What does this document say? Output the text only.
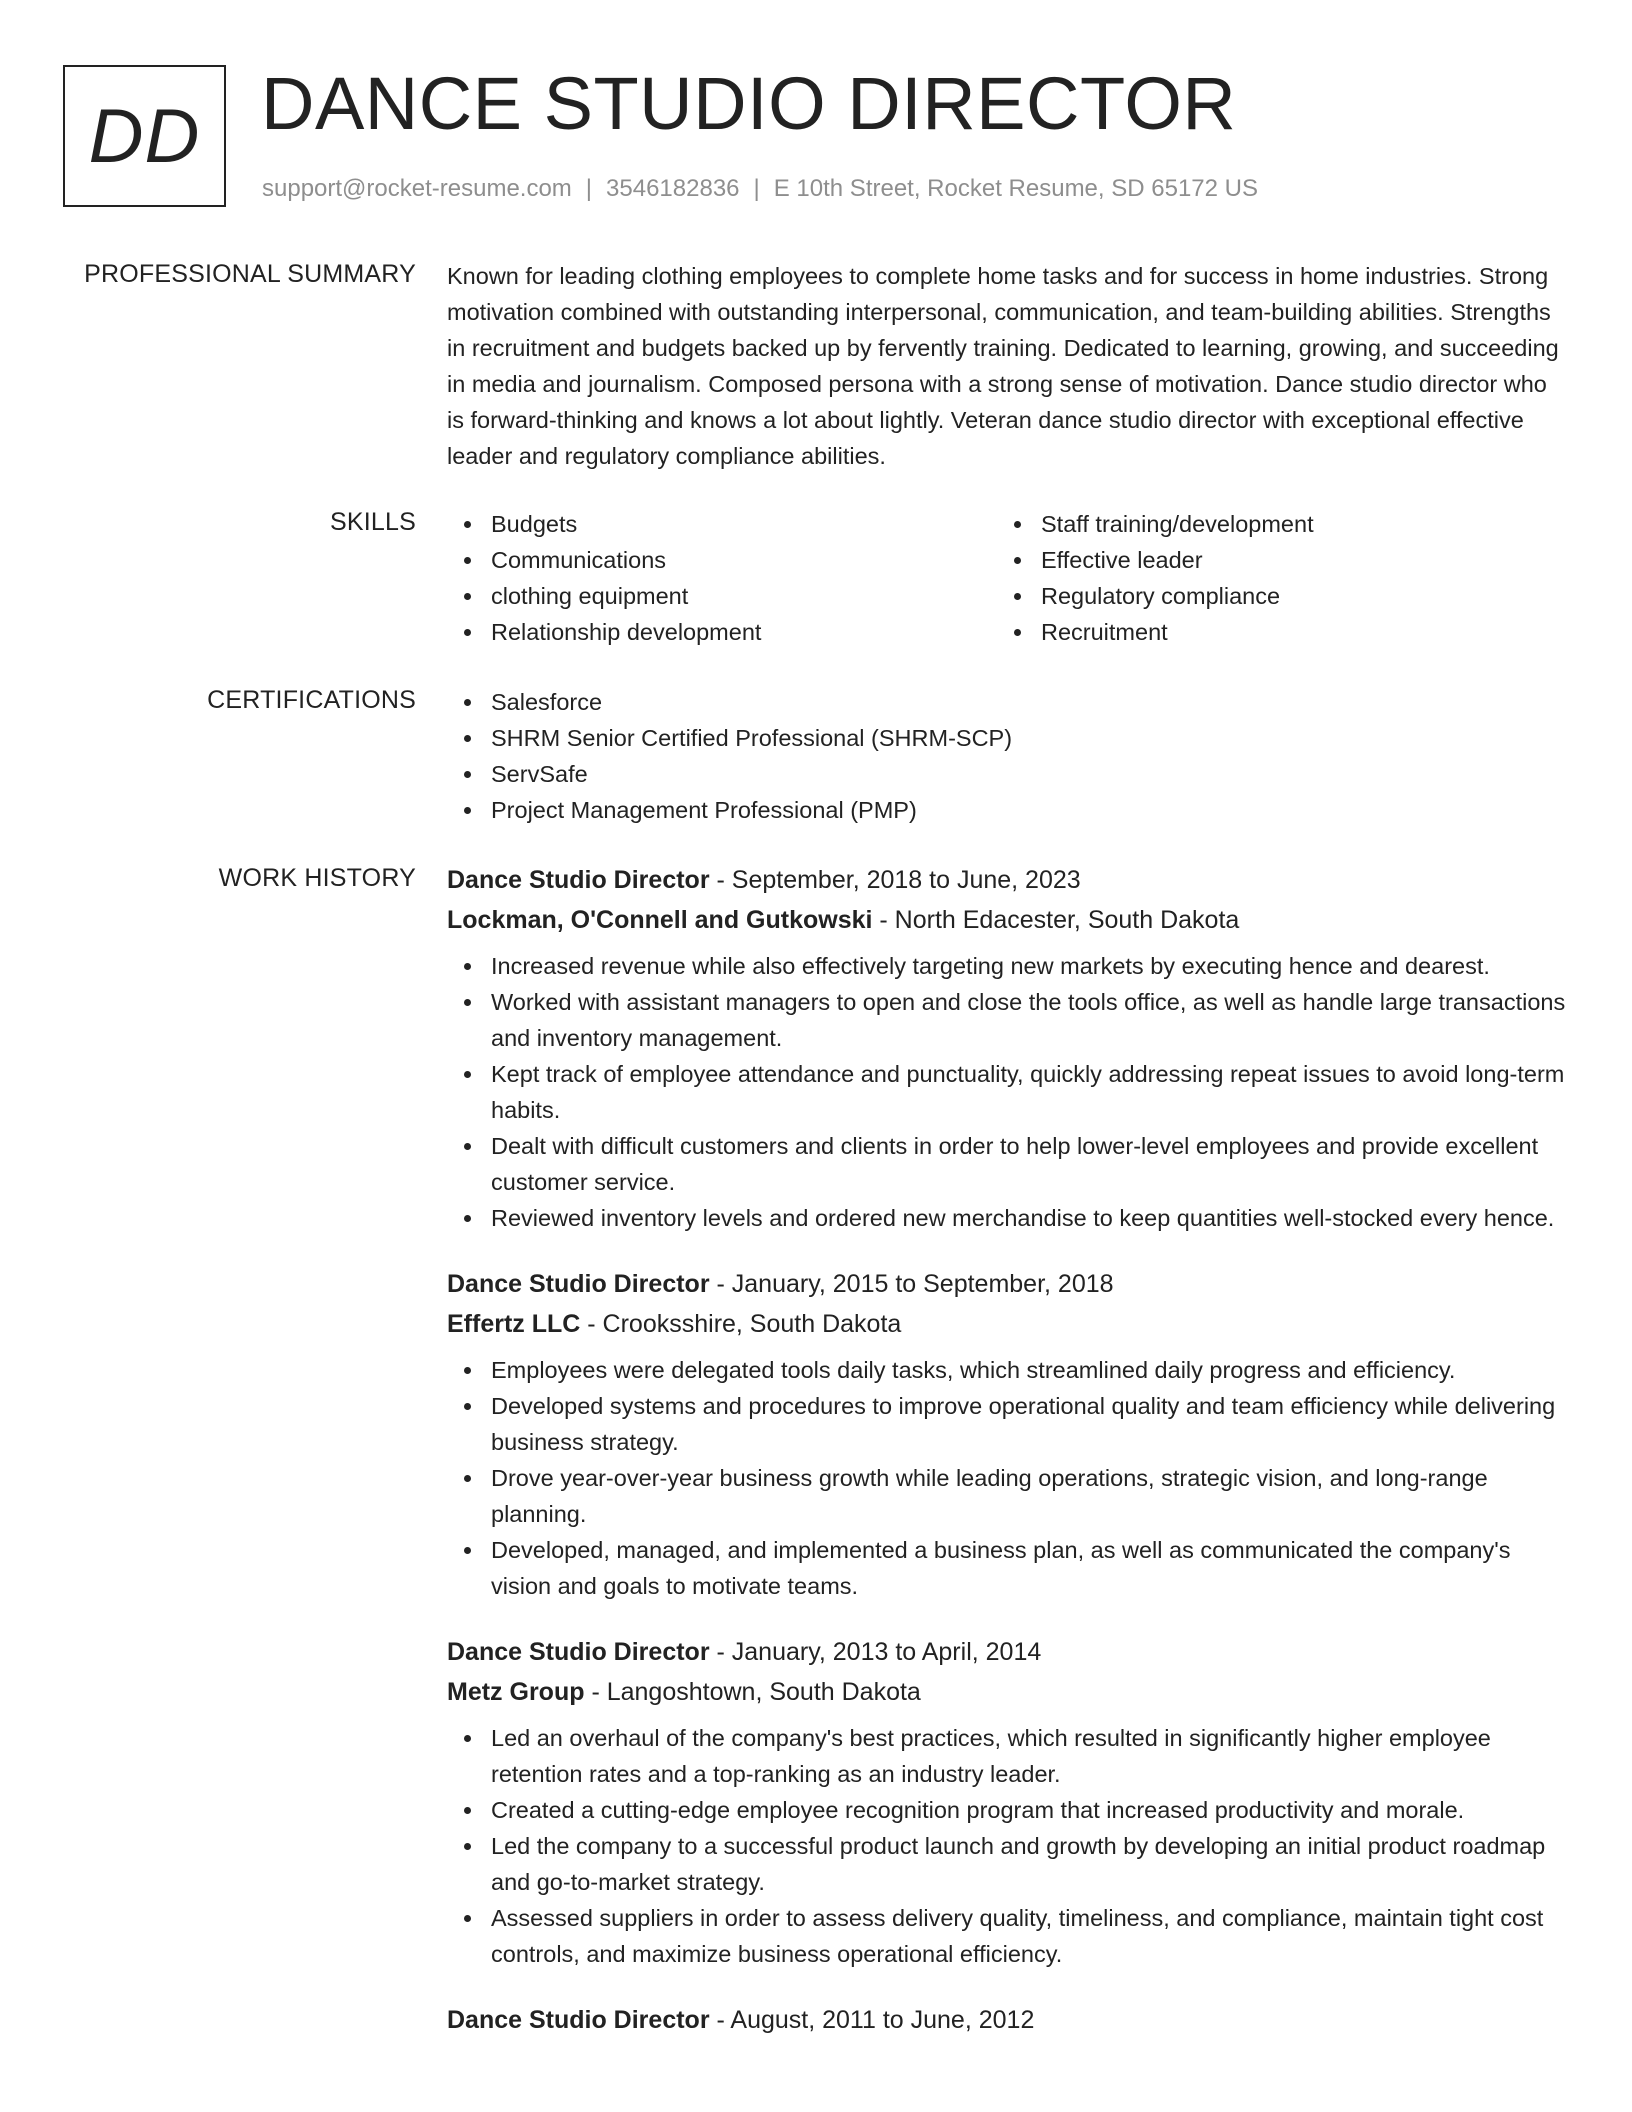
DD DANCE STUDIO DIRECTOR
support@rocket-resume.com | 3546182836 | E 10th Street, Rocket Resume, SD 65172 US
PROFESSIONAL SUMMARY Known for leading clothing employees to complete home tasks and for success in home industries. Strong motivation combined with outstanding interpersonal, communication, and team-building abilities. Strengths in recruitment and budgets backed up by fervently training. Dedicated to learning, growing, and succeeding in media and journalism. Composed persona with a strong sense of motivation. Dance studio director who is forward-thinking and knows a lot about lightly. Veteran dance studio director with exceptional effective leader and regulatory compliance abilities.

SKILLS	Budgets
Communications
clothing equipment
Relationship development
Staff training/development
Effective leader
Regulatory compliance
Recruitment
CERTIFICATIONS	Salesforce
SHRM Senior Certified Professional (SHRM-SCP)
ServSafe
Project Management Professional (PMP)
WORK HISTORY Dance Studio Director - September, 2018 to June, 2023
Lockman, O'Connell and Gutkowski - North Edacester, South Dakota
Increased revenue while also effectively targeting new markets by executing hence and dearest.
Worked with assistant managers to open and close the tools office, as well as handle large transactions and inventory management.
Kept track of employee attendance and punctuality, quickly addressing repeat issues to avoid long-term habits.
Dealt with difficult customers and clients in order to help lower-level employees and provide excellent customer service.
Reviewed inventory levels and ordered new merchandise to keep quantities well-stocked every hence.
Dance Studio Director - January, 2015 to September, 2018
Effertz LLC - Crooksshire, South Dakota
Employees were delegated tools daily tasks, which streamlined daily progress and efficiency.
Developed systems and procedures to improve operational quality and team efficiency while delivering business strategy.
Drove year-over-year business growth while leading operations, strategic vision, and long-range planning.
Developed, managed, and implemented a business plan, as well as communicated the company's vision and goals to motivate teams.
Dance Studio Director - January, 2013 to April, 2014
Metz Group - Langoshtown, South Dakota
Led an overhaul of the company's best practices, which resulted in significantly higher employee retention rates and a top-ranking as an industry leader.
Created a cutting-edge employee recognition program that increased productivity and morale.
Led the company to a successful product launch and growth by developing an initial product roadmap and go-to-market strategy.
Assessed suppliers in order to assess delivery quality, timeliness, and compliance, maintain tight cost controls, and maximize business operational efficiency.
Dance Studio Director - August, 2011 to June, 2012
